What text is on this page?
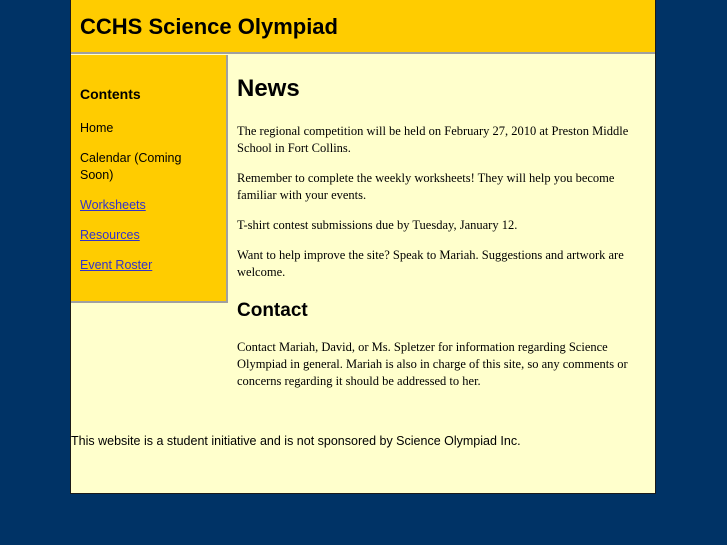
CCHS Science Olympiad
Contents
Home
Calendar (Coming Soon)
Worksheets
Resources
Event Roster
News

The regional competition will be held on February 27, 2010 at Preston Middle School in Fort Collins.

Remember to complete the weekly worksheets! They will help you become familiar with your events.

T-shirt contest submissions due by Tuesday, January 12.

Want to help improve the site? Speak to Mariah. Suggestions and artwork are welcome.

Contact

Contact Mariah, David, or Ms. Spletzer for information regarding Science Olympiad in general. Mariah is also in charge of this site, so any comments or concerns regarding it should be addressed to her.

This website is a student initiative and is not sponsored by Science Olympiad Inc.
